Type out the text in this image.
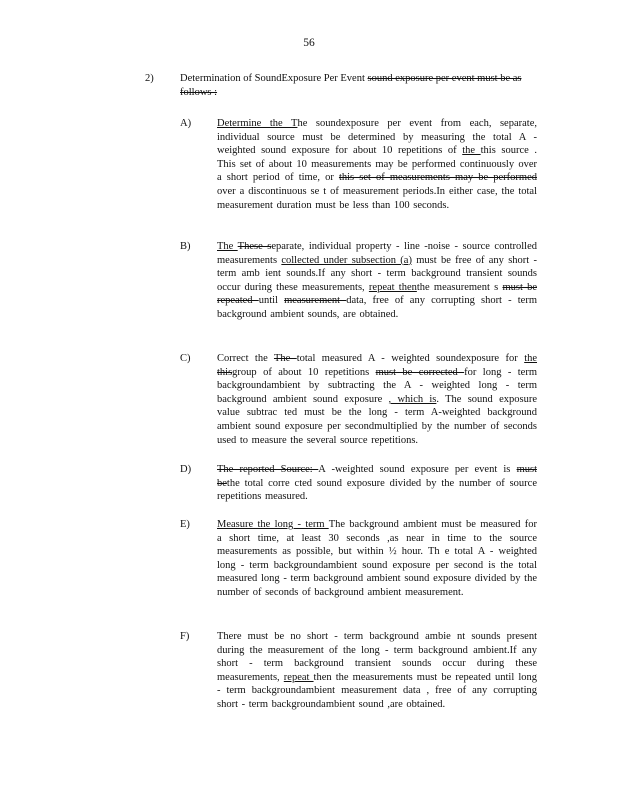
56
2)	Determination of SoundExposure Per Event sound exposure per event must be as follows :
A) Determine the The soundexposure per event from each, separate, individual source must be determined by measuring the total A - weighted sound exposure for about 10 repetitions of the this source . This set of about 10 measurements may be performed continuously over a short period of time, or this set of measurements may be performed over a discontinuous se t of measurement periods.In either case, the total measurement duration must be less than 100 seconds.
B)	The These separate, individual property - line -noise - source controlled measurements collected under subsection (a) must be free of any short - term amb ient sounds.If any short - term background transient sounds occur during these measurements, repeat thenthe measurement s must be repeated until measurement data, free of any corrupting short - term background ambient sounds, are obtained.
C)	Correct the The total measured A - weighted soundexposure for the thisgroup of about 10 repetitions must be corrected for long - term backgroundambient by subtracting the A - weighted long - term background ambient sound exposure , which is. The sound exposure value subtrac ted must be the long - term A-weighted background ambient sound exposure per secondmultiplied by the number of seconds used to measure the several source repetitions.
D) The reported Source: A -weighted sound exposure per event is must bethe total corre cted sound exposure divided by the number of source repetitions measured.
E)	Measure the long - term The background ambient must be measured for a short time, at least 30 seconds ,as near in time to the source measurements as possible, but within ½ hour. Th e total A - weighted long - term backgroundambient sound exposure per second is the total measured long - term background ambient sound exposure divided by the number of seconds of background ambient measurement.
F)	There must be no short - term background ambie nt sounds present during the measurement of the long - term background ambient.If any short - term background transient sounds occur during these measurements, repeat then the measurements must be repeated until long - term backgroundambient measurement data , free of any corrupting short - term backgroundambient sound ,are obtained.
